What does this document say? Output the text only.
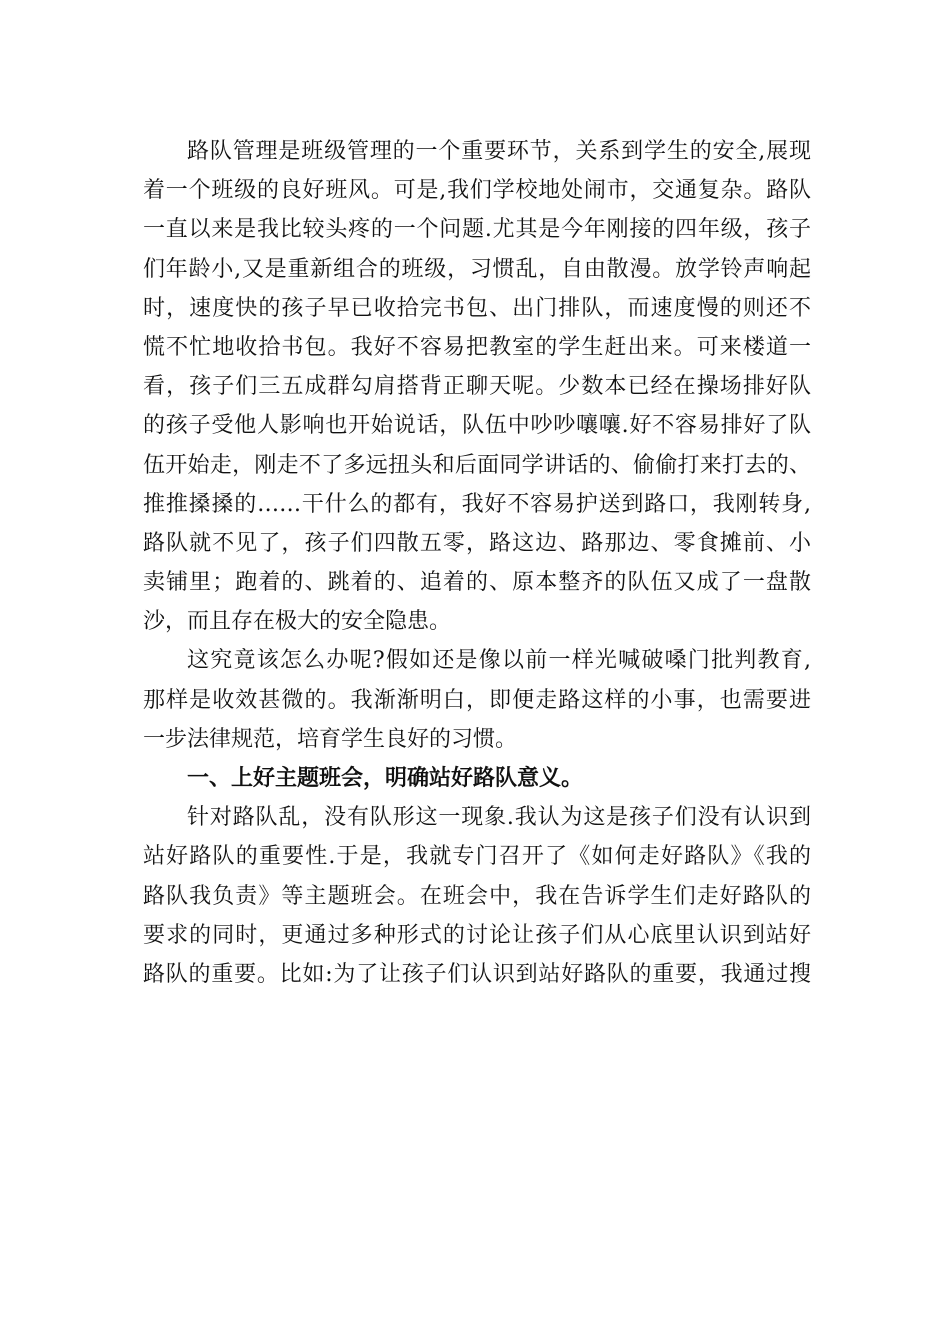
路队管理是班级管理的一个重要环节，关系到学生的安全,展现
着一个班级的良好班风。可是,我们学校地处闹市，交通复杂。路队
一直以来是我比较头疼的一个问题.尤其是今年刚接的四年级，孩子
们年龄小,又是重新组合的班级，习惯乱，自由散漫。放学铃声响起
时，速度快的孩子早已收拾完书包、出门排队，而速度慢的则还不
慌不忙地收拾书包。我好不容易把教室的学生赶出来。可来楼道一
看，孩子们三五成群勾肩搭背正聊天呢。少数本已经在操场排好队
的孩子受他人影响也开始说话，队伍中吵吵嚷嚷.好不容易排好了队
伍开始走，刚走不了多远扭头和后面同学讲话的、偷偷打来打去的、
推推搡搡的……干什么的都有，我好不容易护送到路口，我刚转身,
路队就不见了，孩子们四散五零，路这边、路那边、零食摊前、小
卖铺里；跑着的、跳着的、追着的、原本整齐的队伍又成了一盘散
沙，而且存在极大的安全隐患。
这究竟该怎么办呢?假如还是像以前一样光喊破嗓门批判教育,
那样是收效甚微的。我渐渐明白，即便走路这样的小事，也需要进
一步法律规范，培育学生良好的习惯。
一、上好主题班会，明确站好路队意义。
针对路队乱，没有队形这一现象.我认为这是孩子们没有认识到
站好路队的重要性.于是，我就专门召开了《如何走好路队》《我的
路队我负责》等主题班会。在班会中，我在告诉学生们走好路队的
要求的同时，更通过多种形式的讨论让孩子们从心底里认识到站好
路队的重要。比如:为了让孩子们认识到站好路队的重要，我通过搜
